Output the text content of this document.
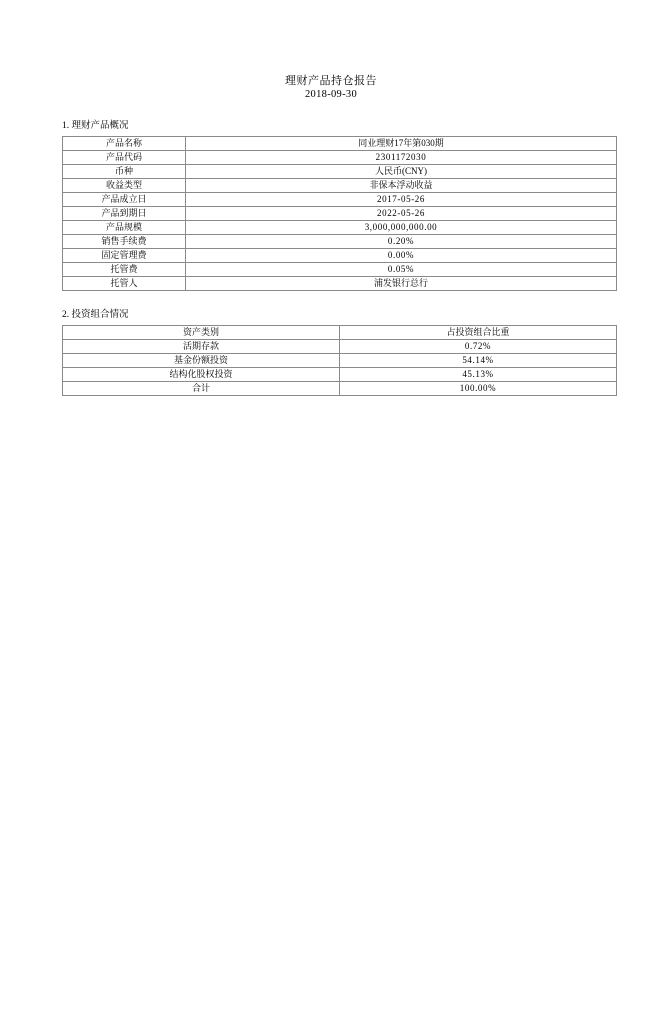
理财产品持仓报告
2018-09-30
1. 理财产品概况
产品名称	同业理财17年第030期
产品代码	2301172030
币种	人民币(CNY)
收益类型	非保本浮动收益
产品成立日	2017-05-26
产品到期日	2022-05-26
产品规模	3,000,000,000.00
销售手续费	0.20%
固定管理费	0.00%
托管费	0.05%
托管人	浦发银行总行
2. 投资组合情况
资产类别	占投资组合比重
活期存款	0.72%
基金份额投资	54.14%
结构化股权投资	45.13%
合计	100.00%
